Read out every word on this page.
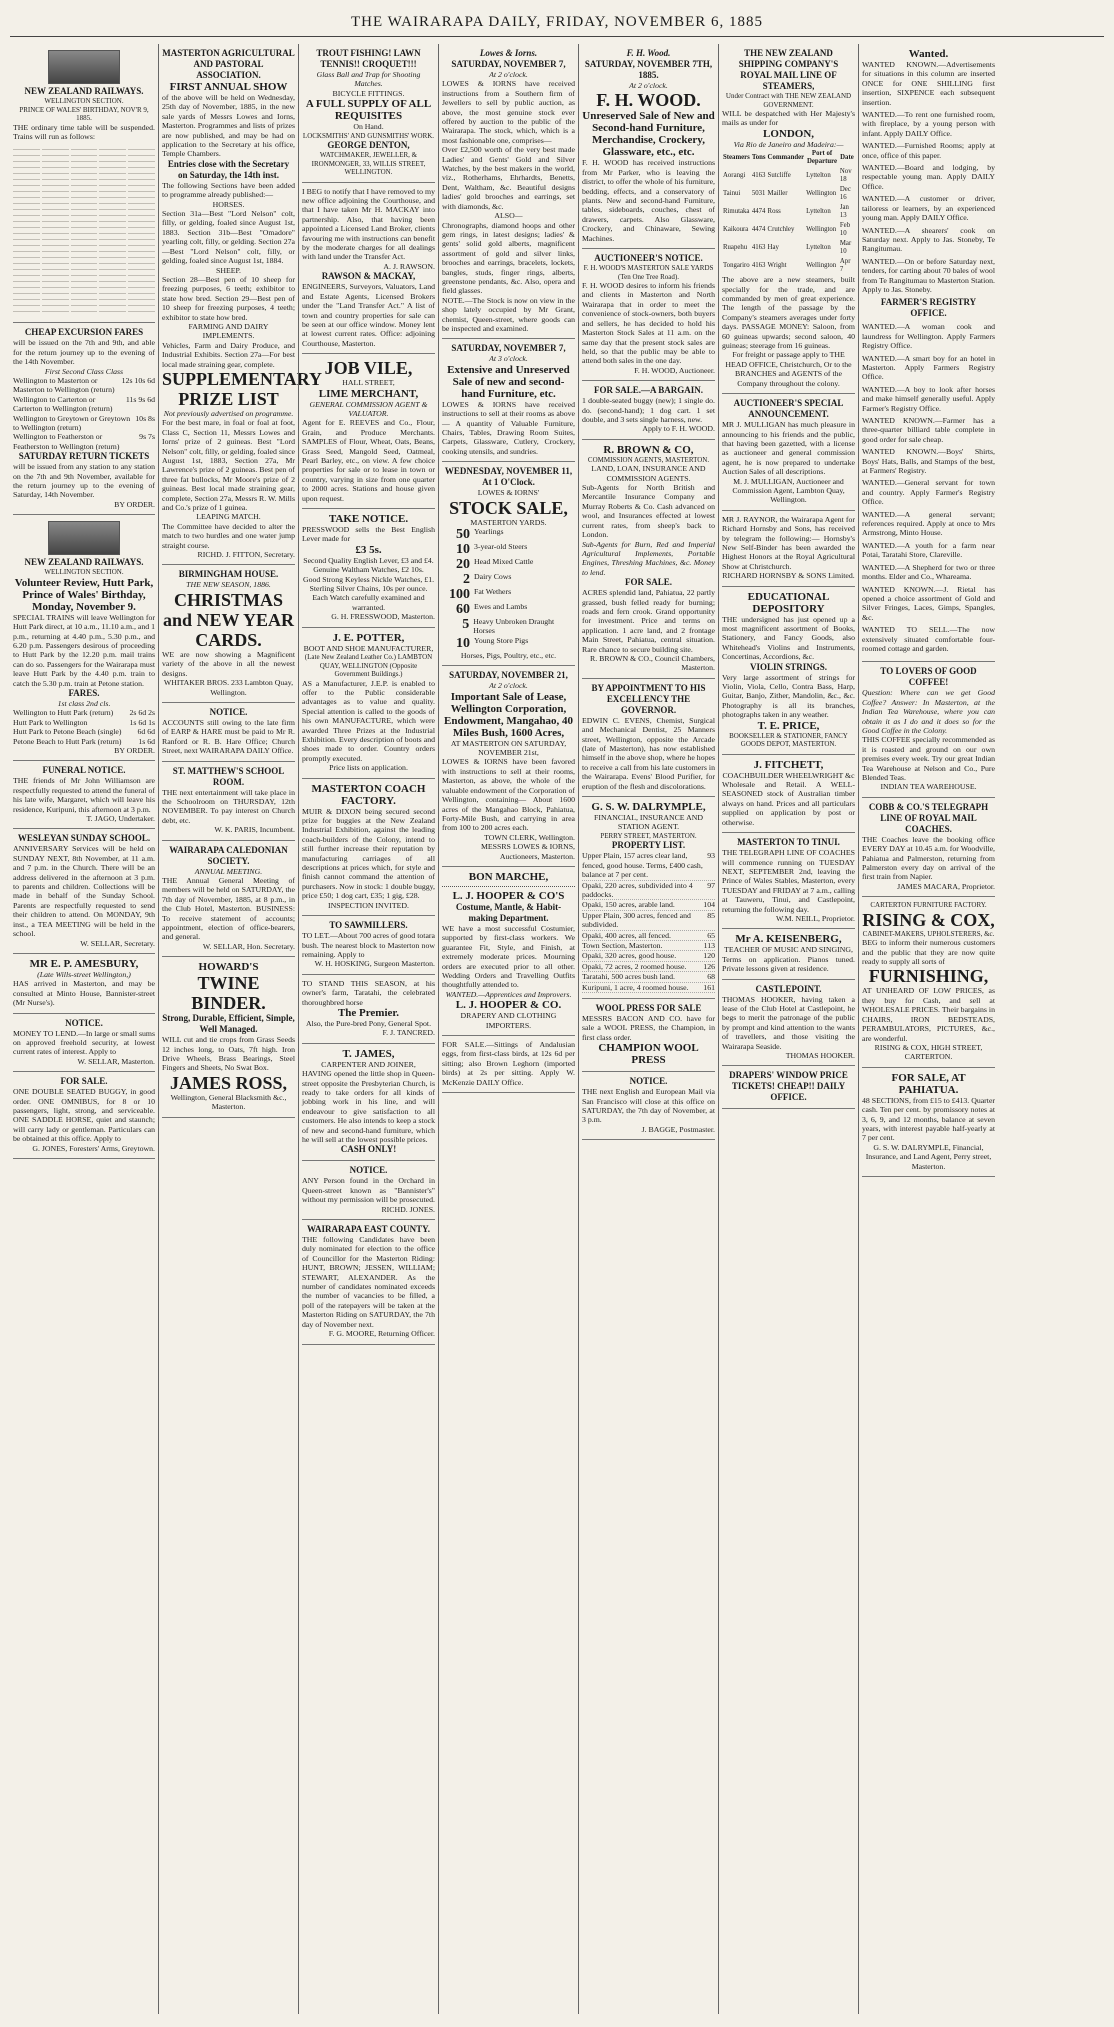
THE WAIRARAPA DAILY, FRIDAY, NOVEMBER 6, 1885
NEW ZEALAND RAILWAYS.
WELLINGTON SECTION.
PRINCE OF WALES' BIRTHDAY, NOV'R 9, 1885.
THE ordinary time table will be suspended. Trains will run as follows:
CHEAP EXCURSION FARES
will be issued on the 7th and 9th, and able for the return journey up to the evening of the 14th November.
First Second Class Class
Wellington to Masterton or Masterton to Wellington (return)
12s 10s 6d
Wellington to Carterton or Carterton to Wellington (return)
11s 9s 6d
Wellington to Greytown or Greytown to Wellington (return)
10s 8s
Wellington to Featherston or Featherston to Wellington (return)
9s 7s
SATURDAY RETURN TICKETS
will be issued from any station to any station on the 7th and 9th November, available for the return journey up to the evening of Saturday, 14th November.
BY ORDER.
NEW ZEALAND RAILWAYS.
WELLINGTON SECTION.
Volunteer Review, Hutt Park, Prince of Wales' Birthday, Monday, November 9.
SPECIAL TRAINS will leave Wellington for Hutt Park direct, at 10 a.m., 11.10 a.m., and 1 p.m., returning at 4.40 p.m., 5.30 p.m., and 6.20 p.m. Passengers desirous of proceeding to Hutt Park by the 12.20 p.m. mail trains can do so. Passengers for the Wairarapa must leave Hutt Park by the 4.40 p.m. train to catch the 5.30 p.m. train at Petone station.
FARES.
1st class 2nd cls.
Wellington to Hutt Park (return)	2s 6d 2s
Hutt Park to Wellington	1s 6d 1s
Hutt Park to Petone Beach (single)	6d 6d
Petone Beach to Hutt Park (return)	1s 6d
BY ORDER.
FUNERAL NOTICE.
THE friends of Mr John Williamson are respectfully requested to attend the funeral of his late wife, Margaret, which will leave his residence, Kuripuni, this afternoon at 3 p.m.
T. JAGO, Undertaker.
WESLEYAN SUNDAY SCHOOL.
ANNIVERSARY Services will be held on SUNDAY NEXT, 8th November, at 11 a.m. and 7 p.m. in the Church. There will be an address delivered in the afternoon at 3 p.m. to parents and children. Collections will be made in behalf of the Sunday School. Parents are respectfully requested to send their children to attend. On MONDAY, 9th inst., a TEA MEETING will be held in the school.
W. SELLAR, Secretary.
MR E. P. AMESBURY,
(Late Wills-street Wellington,)
HAS arrived in Masterton, and may be consulted at Minto House, Bannister-street (Mr Nurse's).
NOTICE.
MONEY TO LEND.—In large or small sums on approved freehold security, at lowest current rates of interest. Apply to
W. SELLAR, Masterton.
FOR SALE.
ONE DOUBLE SEATED BUGGY, in good order. ONE OMNIBUS, for 8 or 10 passengers, light, strong, and serviceable. ONE SADDLE HORSE, quiet and staunch; will carry lady or gentleman. Particulars can be obtained at this office. Apply to
G. JONES, Foresters' Arms, Greytown.
MASTERTON AGRICULTURAL AND PASTORAL ASSOCIATION.
FIRST ANNUAL SHOW
of the above will be held on Wednesday, 25th day of November, 1885, in the new sale yards of Messrs Lowes and Iorns, Masterton. Programmes and lists of prizes are now published, and may be had on application to the Secretary at his office, Temple Chambers.
Entries close with the Secretary on Saturday, the 14th inst.
The following Sections have been added to programme already published:—
HORSES.
Section 31a—Best "Lord Nelson" colt, filly, or gelding, foaled since August 1st, 1883. Section 31b—Best "Omadore" yearling colt, filly, or gelding. Section 27a—Best "Lord Nelson" colt, filly, or gelding, foaled since August 1st, 1884.
SHEEP.
Section 28—Best pen of 10 sheep for freezing purposes, 6 teeth; exhibitor to state how bred. Section 29—Best pen of 10 sheep for freezing purposes, 4 teeth; exhibitor to state how bred.
FARMING AND DAIRY IMPLEMENTS.
Vehicles, Farm and Dairy Produce, and Industrial Exhibits. Section 27a—For best local made straining gear, complete.
SUPPLEMENTARY PRIZE LIST
Not previously advertised on programme.
For the best mare, in foal or foal at foot, Class C, Section 11, Messrs Lowes and Iorns' prize of 2 guineas. Best "Lord Nelson" colt, filly, or gelding, foaled since August 1st, 1883, Section 27a, Mr Lawrence's prize of 2 guineas. Best pen of three fat bullocks, Mr Moore's prize of 2 guineas. Best local made straining gear, complete, Section 27a, Messrs R. W. Mills and Co.'s prize of 1 guinea.
LEAPING MATCH.
The Committee have decided to alter the match to two hurdles and one water jump straight course.
RICHD. J. FITTON, Secretary.
BIRMINGHAM HOUSE.
THE NEW SEASON, 1886.
CHRISTMAS and NEW YEAR CARDS.
WE are now showing a Magnificent variety of the above in all the newest designs.
WHITAKER BROS. 233 Lambton Quay, Wellington.
NOTICE.
ACCOUNTS still owing to the late firm of EARP & HARE must be paid to Mr R. Ranford or R. B. Hare Office; Church Street, next WAIRARAPA DAILY Office.
ST. MATTHEW'S SCHOOL ROOM.
THE next entertainment will take place in the Schoolroom on THURSDAY, 12th NOVEMBER. To pay interest on Church debt, etc.
W. K. PARIS, Incumbent.
WAIRARAPA CALEDONIAN SOCIETY.
ANNUAL MEETING.
THE Annual General Meeting of members will be held on SATURDAY, the 7th day of November, 1885, at 8 p.m., in the Club Hotel, Masterton. BUSINESS: To receive statement of accounts; appointment, election of office-bearers, and general.
W. SELLAR, Hon. Secretary.
HOWARD'S
TWINE BINDER.
Strong, Durable, Efficient, Simple, Well Managed.
WILL cut and tie crops from Grass Seeds 12 inches long, to Oats, 7ft high. Iron Drive Wheels, Brass Bearings, Steel Fingers and Sheets, No Swat Box.
JAMES ROSS,
Wellington, General Blacksmith &c., Masterton.
TROUT FISHING! LAWN TENNIS!! CROQUET!!!
Glass Ball and Trap for Shooting Matches.
BICYCLE FITTINGS.
A FULL SUPPLY OF ALL REQUISITES
On Hand.
LOCKSMITHS' AND GUNSMITHS' WORK.
GEORGE DENTON,
WATCHMAKER, JEWELLER, & IRONMONGER, 33, WILLIS STREET, WELLINGTON.
I BEG to notify that I have removed to my new office adjoining the Courthouse, and that I have taken Mr H. MACKAY into partnership. Also, that having been appointed a Licensed Land Broker, clients favouring me with instructions can benefit by the moderate charges for all dealings with land under the Transfer Act.
A. J. RAWSON.
RAWSON & MACKAY,
ENGINEERS, Surveyors, Valuators, Land and Estate Agents, Licensed Brokers under the "Land Transfer Act." A list of town and country properties for sale can be seen at our office window. Money lent at lowest current rates. Office: adjoining Courthouse, Masterton.
JOB VILE,
HALL STREET,
LIME MERCHANT,
GENERAL COMMISSION AGENT & VALUATOR.
Agent for E. REEVES and Co., Flour, Grain, and Produce Merchants. SAMPLES of Flour, Wheat, Oats, Beans, Grass Seed, Mangold Seed, Oatmeal, Pearl Barley, etc., on view. A few choice properties for sale or to lease in town or country, varying in size from one quarter to 2000 acres. Stations and house given upon request.
TAKE NOTICE.
PRESSWOOD sells the Best English Lever made for
£3 5s.
Second Quality English Lever, £3 and £4.
Genuine Waltham Watches, £2 10s.
Good Strong Keyless Nickle Watches, £1.
Sterling Silver Chains, 10s per ounce.
Each Watch carefully examined and warranted.
G. H. FRESSWOOD, Masterton.
J. E. POTTER,
BOOT AND SHOE MANUFACTURER,
(Late New Zealand Leather Co.) LAMBTON QUAY, WELLINGTON (Opposite Government Buildings.)
AS a Manufacturer, J.E.P. is enabled to offer to the Public considerable advantages as to value and quality. Special attention is called to the goods of his own MANUFACTURE, which were awarded Three Prizes at the Industrial Exhibition. Every description of boots and shoes made to order. Country orders promptly executed.
Price lists on application.
MASTERTON COACH FACTORY.
MUIR & DIXON being secured second prize for buggies at the New Zealand Industrial Exhibition, against the leading coach-builders of the Colony, intend to still further increase their reputation by manufacturing carriages of all descriptions at prices which, for style and finish cannot command the attention of purchasers. Now in stock: 1 double buggy, price £50; 1 dog cart, £35; 1 gig, £28.
INSPECTION INVITED.
TO SAWMILLERS.
TO LET.—About 700 acres of good totara bush. The nearest block to Masterton now remaining. Apply to
W. H. HOSKING, Surgeon Masterton.
TO STAND THIS SEASON, at his owner's farm, Taratahi, the celebrated thoroughbred horse
The Premier.
Also, the Pure-bred Pony, General Spot.
F. J. TANCRED.
T. JAMES,
CARPENTER AND JOINER,
HAVING opened the little shop in Queen-street opposite the Presbyterian Church, is ready to take orders for all kinds of jobbing work in his line, and will endeavour to give satisfaction to all customers. He also intends to keep a stock of new and second-hand furniture, which he will sell at the lowest possible prices.
CASH ONLY!
NOTICE.
ANY Person found in the Orchard in Queen-street known as "Bannister's" without my permission will be prosecuted.
RICHD. JONES.
WAIRARAPA EAST COUNTY.
THE following Candidates have been duly nominated for election to the office of Councillor for the Masterton Riding: HUNT, BROWN; JESSEN, WILLIAM; STEWART, ALEXANDER. As the number of candidates nominated exceeds the number of vacancies to be filled, a poll of the ratepayers will be taken at the Masterton Riding on SATURDAY, the 7th day of November next.
F. G. MOORE, Returning Officer.
Lowes & Iorns.
SATURDAY, NOVEMBER 7,
At 2 o'clock.
LOWES & IORNS have received instructions from a Southern firm of Jewellers to sell by public auction, as above, the most genuine stock ever offered by auction to the public of the Wairarapa. The stock, which, which is a most fashionable one, comprises—
Over £2,500 worth of the very best made Ladies' and Gents' Gold and Silver Watches, by the best makers in the world, viz., Rotherhams, Ehrhardts, Benetts, Dent, Waltham, &c. Beautiful designs ladies' gold brooches and earrings, set with diamonds, &c.
ALSO—
Chronographs, diamond hoops and other gem rings, in latest designs; ladies' & gents' solid gold alberts, magnificent assortment of gold and silver links, brooches and earrings, bracelets, lockets, bangles, studs, finger rings, alberts, greenstone pendants, &c. Also, opera and field glasses.
NOTE.—The Stock is now on view in the shop lately occupied by Mr Grant, chemist, Queen-street, where goods can be inspected and examined.
SATURDAY, NOVEMBER 7,
At 3 o'clock.
Extensive and Unreserved Sale of new and second-hand Furniture, etc.
LOWES & IORNS have received instructions to sell at their rooms as above— A quantity of Valuable Furniture, Chairs, Tables, Drawing Room Suites, Carpets, Glassware, Cutlery, Crockery, cooking utensils, and sundries.
WEDNESDAY, NOVEMBER 11, At 1 O'Clock.
LOWES & IORNS'
STOCK SALE,
MASTERTON YARDS.
50 Yearlings
10 3-year-old Steers
20 Head Mixed Cattle
2 Dairy Cows
100 Fat Wethers
60 Ewes and Lambs
5 Heavy Unbroken Draught Horses
10 Young Store Pigs
Horses, Pigs, Poultry, etc., etc.
SATURDAY, NOVEMBER 21,
At 2 o'clock.
Important Sale of Lease, Wellington Corporation, Endowment, Mangahao, 40 Miles Bush, 1600 Acres,
AT MASTERTON ON SATURDAY, NOVEMBER 21st,
LOWES & IORNS have been favored with instructions to sell at their rooms, Masterton, as above, the whole of the valuable endowment of the Corporation of Wellington, containing— About 1600 acres of the Mangahao Block, Pahiatua, Forty-Mile Bush, and carrying in area from 100 to 200 acres each.
TOWN CLERK, Wellington.
MESSRS LOWES & IORNS, Auctioneers, Masterton.
BON MARCHE,
L. J. HOOPER & CO'S
Costume, Mantle, & Habit-making Department.
WE have a most successful Costumier, supported by first-class workers. We guarantee Fit, Style, and Finish, at extremely moderate prices. Mourning orders are executed prior to all other. Wedding Orders and Travelling Outfits thoughtfully attended to.
WANTED.—Apprentices and Improvers.
L. J. HOOPER & CO.
DRAPERY AND CLOTHING IMPORTERS.
FOR SALE.—Sittings of Andalusian eggs, from first-class birds, at 12s 6d per sitting; also Brown Leghorn (imported birds) at 2s per sitting. Apply W. McKenzie DAILY Office.
F. H. Wood.
SATURDAY, NOVEMBER 7TH, 1885.
At 2 o'clock.
F. H. WOOD.
Unreserved Sale of New and Second-hand Furniture, Merchandise, Crockery, Glassware, etc., etc.
F. H. WOOD has received instructions from Mr Parker, who is leaving the district, to offer the whole of his furniture, bedding, effects, and a conservatory of plants. New and second-hand Furniture, tables, sideboards, couches, chest of drawers, carpets. Also Glassware, Crockery, and Chinaware, Sewing Machines.
AUCTIONEER'S NOTICE.
F. H. WOOD'S MASTERTON SALE YARDS (Ten One Tree Road).
F. H. WOOD desires to inform his friends and clients in Masterton and North Wairarapa that in order to meet the convenience of stock-owners, both buyers and sellers, he has decided to hold his Masterton Stock Sales at 11 a.m. on the same day that the present stock sales are held, so that the public may be able to attend both sales in the one day.
F. H. WOOD, Auctioneer.
FOR SALE.—A BARGAIN.
1 double-seated buggy (new); 1 single do. do. (second-hand); 1 dog cart. 1 set double, and 3 sets single harness, new.
Apply to F. H. WOOD.
R. BROWN & CO,
COMMISSION AGENTS, MASTERTON.
LAND, LOAN, INSURANCE AND COMMISSION AGENTS.
Sub-Agents for North British and Mercantile Insurance Company and Murray Roberts & Co. Cash advanced on wool, and Insurances effected at lowest current rates, from sheep's back to London.
Sub-Agents for Burn, Red and Imperial Agricultural Implements, Portable Engines, Threshing Machines, &c. Money to lend.
FOR SALE.
ACRES splendid land, Pahiatua, 22 partly grassed, bush felled ready for burning; roads and fern crook. Grand opportunity for investment. Price and terms on application. 1 acre land, and 2 frontage Main Street, Pahiatua, central situation. Rare chance to secure building site.
R. BROWN & CO., Council Chambers, Masterton.
BY APPOINTMENT TO HIS EXCELLENCY THE GOVERNOR.
EDWIN C. EVENS, Chemist, Surgical and Mechanical Dentist, 25 Manners street, Wellington, opposite the Arcade (late of Masterton), has now established himself in the above shop, where he hopes to receive a call from his late customers in the Wairarapa. Evens' Blood Purifier, for eruption of the flesh and discolorations.
G. S. W. DALRYMPLE,
FINANCIAL, INSURANCE AND STATION AGENT.
PERRY STREET, MASTERTON.
PROPERTY LIST.
Upper Plain, 157 acres clear land, fenced, good house. Terms, £400 cash, balance at 7 per cent.
93
Opaki, 220 acres, subdivided into 4 paddocks.
97
Opaki, 150 acres, arable land.	104
Upper Plain, 300 acres, fenced and subdivided.
85
Opaki, 400 acres, all fenced.	65
Town Section, Masterton.	113
Opaki, 320 acres, good house.	120
Opaki, 72 acres, 2 roomed house.	126
Taratahi, 500 acres bush land.	68
Kuripuni, 1 acre, 4 roomed house.	161
WOOL PRESS FOR SALE
MESSRS BACON AND CO. have for sale a WOOL PRESS, the Champion, in first class order.
CHAMPION WOOL PRESS
NOTICE.
THE next English and European Mail via San Francisco will close at this office on SATURDAY, the 7th day of November, at 3 p.m.
J. BAGGE, Postmaster.
THE NEW ZEALAND SHIPPING COMPANY'S ROYAL MAIL LINE OF STEAMERS,
Under Contract with THE NEW ZEALAND GOVERNMENT.
WILL be despatched with Her Majesty's mails as under for
LONDON,
Via Rio de Janeiro and Madeira:—
Steamers	Tons	Commander	Port of Departure	Date
Aorangi	4163	Sutcliffe	Lyttelton	Nov 18
Tainui	5031	Mailler	Wellington	Dec 16
Rimutaka	4474	Ross	Lyttelton	Jan 13
Kaikoura	4474	Crutchley	Wellington	Feb 10
Ruapehu	4163	Hay	Lyttelton	Mar 10
Tongariro	4163	Wright	Wellington	Apr 7
The above are a new steamers, built specially for the trade, and are commanded by men of great experience. The length of the passage by the Company's steamers averages under forty days. PASSAGE MONEY: Saloon, from 60 guineas upwards; second saloon, 40 guineas; steerage from 16 guineas.
For freight or passage apply to THE HEAD OFFICE, Christchurch, Or to the BRANCHES and AGENTS of the Company throughout the colony.
AUCTIONEER'S SPECIAL ANNOUNCEMENT.
MR J. MULLIGAN has much pleasure in announcing to his friends and the public, that having been gazetted, with a license as auctioneer and general commission agent, he is now prepared to undertake Auction Sales of all descriptions.
M. J. MULLIGAN, Auctioneer and Commission Agent, Lambton Quay, Wellington.
MR J. RAYNOR, the Wairarapa Agent for Richard Hornsby and Sons, has received by telegram the following:— Hornsby's New Self-Binder has been awarded the Highest Honors at the Royal Agricultural Show at Christchurch.
RICHARD HORNSBY & SONS Limited.
EDUCATIONAL DEPOSITORY
THE undersigned has just opened up a most magnificent assortment of Books, Stationery, and Fancy Goods, also Whitehead's Violins and Instruments, Concertinas, Accordions, &c.
VIOLIN STRINGS.
Very large assortment of strings for Violin, Viola, Cello, Contra Bass, Harp, Guitar, Banjo, Zither, Mandolin, &c., &c. Photography is all its branches, photographs taken in any weather.
T. E. PRICE,
BOOKSELLER & STATIONER, FANCY GOODS DEPOT, MASTERTON.
J. FITCHETT,
COACHBUILDER WHEELWRIGHT &c
Wholesale and Retail. A WELL-SEASONED stock of Australian timber always on hand. Prices and all particulars supplied on application by post or otherwise.
MASTERTON TO TINUI.
THE TELEGRAPH LINE OF COACHES will commence running on TUESDAY NEXT, SEPTEMBER 2nd, leaving the Prince of Wales Stables, Masterton, every TUESDAY and FRIDAY at 7 a.m., calling at Tauweru, Tinui, and Castlepoint, returning the following day.
W.M. NEILL, Proprietor.
Mr A. KEISENBERG,
TEACHER OF MUSIC AND SINGING,
Terms on application. Pianos tuned. Private lessons given at residence.
CASTLEPOINT.
THOMAS HOOKER, having taken a lease of the Club Hotel at Castlepoint, he begs to merit the patronage of the public by prompt and kind attention to the wants of travellers, and those visiting the Wairarapa Seaside.
THOMAS HOOKER.
DRAPERS' WINDOW PRICE TICKETS! CHEAP!! DAILY OFFICE.
Wanted.

WANTED KNOWN.—Advertisements for situations in this column are inserted ONCE for ONE SHILLING first insertion, SIXPENCE each subsequent insertion.

WANTED.—To rent one furnished room, with fireplace, by a young person with infant. Apply DAILY Office.

WANTED.—Furnished Rooms; apply at once, office of this paper.

WANTED.—Board and lodging, by respectable young man. Apply DAILY Office.

WANTED.—A customer or driver, tailoress or learners, by an experienced young man. Apply DAILY Office.

WANTED.—A shearers' cook on Saturday next. Apply to Jas. Stoneby, Te Rangitumau.

WANTED.—On or before Saturday next, tenders, for carting about 70 bales of wool from Te Rangitumau to Masterton Station. Apply to Jas. Stoneby.

FARMER'S REGISTRY OFFICE.

WANTED.—A woman cook and laundress for Wellington. Apply Farmers Registry Office.

WANTED.—A smart boy for an hotel in Masterton. Apply Farmers Registry Office.

WANTED.—A boy to look after horses and make himself generally useful. Apply Farmer's Registry Office.

WANTED KNOWN.—Farmer has a three-quarter billiard table complete in good order for sale cheap.

WANTED KNOWN.—Boys' Shirts, Boys' Hats, Balls, and Stamps of the best, at Farmers' Registry.

WANTED.—General servant for town and country. Apply Farmer's Registry Office.

WANTED.—A general servant; references required. Apply at once to Mrs Armstrong, Minto House.

WANTED.—A youth for a farm near Potai, Taratahi Store, Clareville.

WANTED.—A Shepherd for two or three months. Elder and Co., Whareama.

WANTED KNOWN.—J. Rietal has opened a choice assortment of Gold and Silver Fringes, Laces, Gimps, Spangles, &c.

WANTED TO SELL.—The now extensively situated comfortable four-roomed cottage and garden.

TO LOVERS OF GOOD COFFEE!
Question: Where can we get Good Coffee? Answer: In Masterton, at the Indian Tea Warehouse, where you can obtain it as I do and it does so for the Good Coffee in the Colony.
THIS COFFEE specially recommended as it is roasted and ground on our own premises every week. Try our great Indian Tea Warehouse at Nelson and Co., Pure Blended Teas.
INDIAN TEA WAREHOUSE.
COBB & CO.'S TELEGRAPH LINE OF ROYAL MAIL COACHES.
THE Coaches leave the booking office EVERY DAY at 10.45 a.m. for Woodville, Pahiatua and Palmerston, returning from Palmerston every day on arrival of the first train from Napier.
JAMES MACARA, Proprietor.
CARTERTON FURNITURE FACTORY.
RISING & COX,
CABINET-MAKERS, UPHOLSTERERS, &c.
BEG to inform their numerous customers and the public that they are now quite ready to supply all sorts of
FURNISHING,
AT UNHEARD OF LOW PRICES, as they buy for Cash, and sell at WHOLESALE PRICES. Their bargains in CHAIRS, IRON BEDSTEADS, PERAMBULATORS, PICTURES, &c., are wonderful.
RISING & COX, HIGH STREET, CARTERTON.
FOR SALE, AT PAHIATUA.
48 SECTIONS, from £15 to £413. Quarter cash. Ten per cent. by promissory notes at 3, 6, 9, and 12 months, balance at seven years, with interest payable half-yearly at 7 per cent.
G. S. W. DALRYMPLE, Financial, Insurance, and Land Agent, Perry street, Masterton.
